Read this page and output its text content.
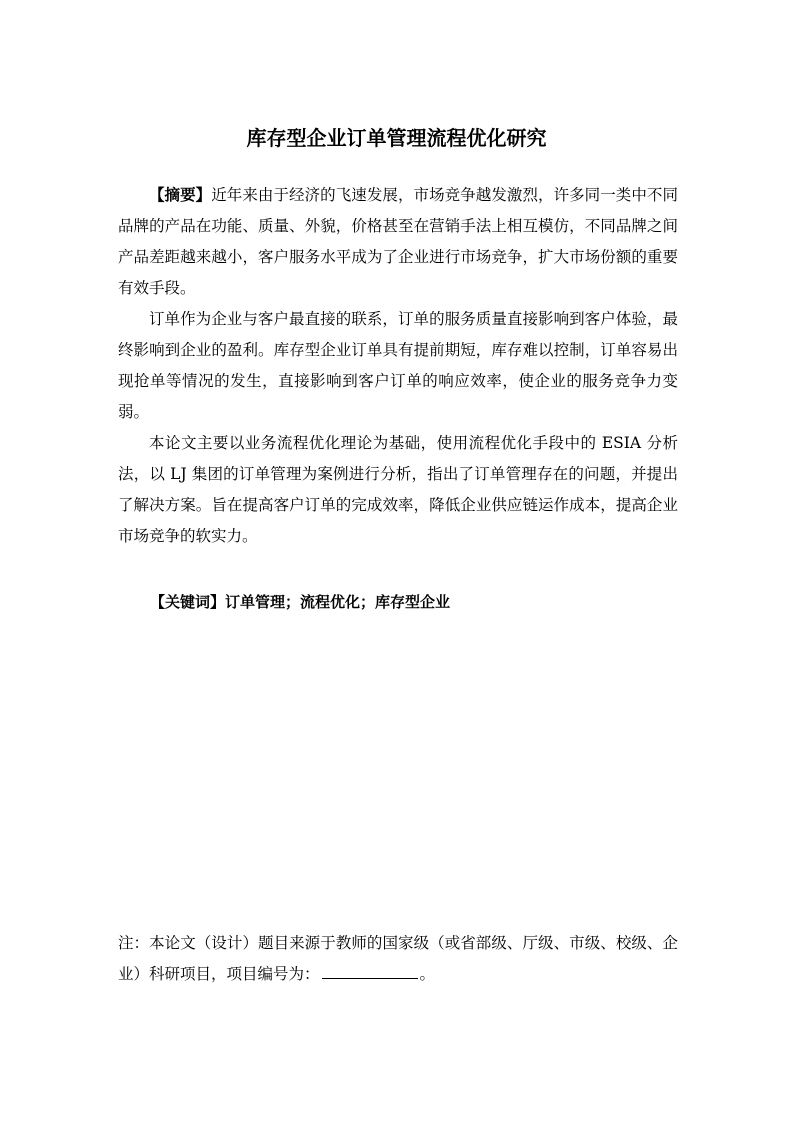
库存型企业订单管理流程优化研究

【摘要】近年来由于经济的飞速发展，市场竞争越发激烈，许多同一类中不同品牌的产品在功能、质量、外貌，价格甚至在营销手法上相互模仿，不同品牌之间产品差距越来越小，客户服务水平成为了企业进行市场竞争，扩大市场份额的重要有效手段。

订单作为企业与客户最直接的联系，订单的服务质量直接影响到客户体验，最终影响到企业的盈利。库存型企业订单具有提前期短，库存难以控制，订单容易出现抢单等情况的发生，直接影响到客户订单的响应效率，使企业的服务竞争力变弱。

本论文主要以业务流程优化理论为基础，使用流程优化手段中的 ESIA 分析法，以 LJ 集团的订单管理为案例进行分析，指出了订单管理存在的问题，并提出了解决方案。旨在提高客户订单的完成效率，降低企业供应链运作成本，提高企业市场竞争的软实力。

【关键词】订单管理；流程优化；库存型企业

注：本论文（设计）题目来源于教师的国家级（或省部级、厅级、市级、校级、企业）科研项目，项目编号为：	。
